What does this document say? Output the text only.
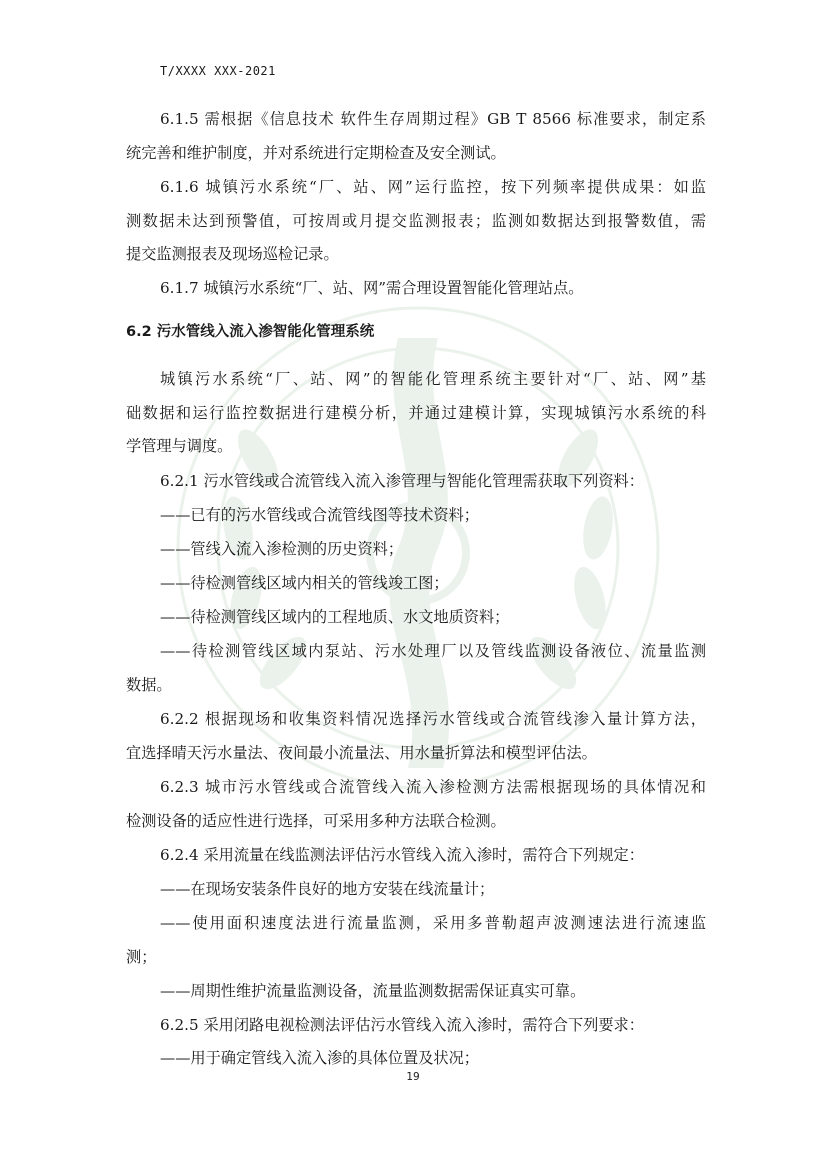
T/XXXX XXX-2021
6.1.5 需根据《信息技术 软件生存周期过程》GB T 8566 标准要求，制定系
统完善和维护制度，并对系统进行定期检查及安全测试。
6.1.6 城镇污水系统“厂、站、网”运行监控，按下列频率提供成果：如监
测数据未达到预警值，可按周或月提交监测报表；监测如数据达到报警数值，需
提交监测报表及现场巡检记录。
6.1.7 城镇污水系统“厂、站、网”需合理设置智能化管理站点。
6.2 污水管线入流入渗智能化管理系统
城镇污水系统“厂、站、网”的智能化管理系统主要针对“厂、站、网”基
础数据和运行监控数据进行建模分析，并通过建模计算，实现城镇污水系统的科
学管理与调度。
6.2.1 污水管线或合流管线入流入渗管理与智能化管理需获取下列资料：
——已有的污水管线或合流管线图等技术资料；
——管线入流入渗检测的历史资料；
——待检测管线区域内相关的管线竣工图；
——待检测管线区域内的工程地质、水文地质资料；
——待检测管线区域内泵站、污水处理厂以及管线监测设备液位、流量监测
数据。
6.2.2 根据现场和收集资料情况选择污水管线或合流管线渗入量计算方法，
宜选择晴天污水量法、夜间最小流量法、用水量折算法和模型评估法。
6.2.3 城市污水管线或合流管线入流入渗检测方法需根据现场的具体情况和
检测设备的适应性进行选择，可采用多种方法联合检测。
6.2.4 采用流量在线监测法评估污水管线入流入渗时，需符合下列规定：
——在现场安装条件良好的地方安装在线流量计；
——使用面积速度法进行流量监测，采用多普勒超声波测速法进行流速监
测；
——周期性维护流量监测设备，流量监测数据需保证真实可靠。
6.2.5 采用闭路电视检测法评估污水管线入流入渗时，需符合下列要求：
——用于确定管线入流入渗的具体位置及状况；
19
